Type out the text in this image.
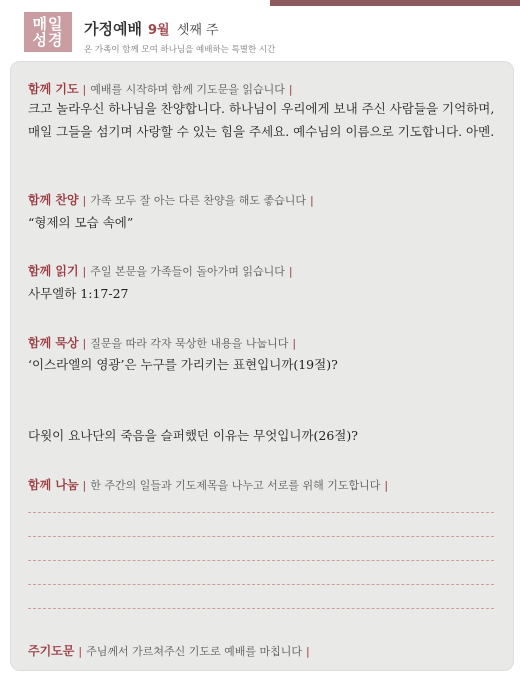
매일
성경
가정예배 9월 셋째 주
온 가족이 함께 모여 하나님을 예배하는 특별한 시간
함께 기도 | 예배를 시작하며 함께 기도문을 읽습니다 |
크고 놀라우신 하나님을 찬양합니다. 하나님이 우리에게 보내 주신 사람들을 기억하며, 매일 그들을 섬기며 사랑할 수 있는 힘을 주세요. 예수님의 이름으로 기도합니다. 아멘.
함께 찬양 | 가족 모두 잘 아는 다른 찬양을 해도 좋습니다 |
“형제의 모습 속에”
함께 읽기 | 주일 본문을 가족들이 돌아가며 읽습니다 |
사무엘하 1:17-27
함께 묵상 | 질문을 따라 각자 묵상한 내용을 나눕니다 |
‘이스라엘의 영광’은 누구를 가리키는 표현입니까(19절)?
다윗이 요나단의 죽음을 슬퍼했던 이유는 무엇입니까(26절)?
함께 나눔 | 한 주간의 일들과 기도제목을 나누고 서로를 위해 기도합니다 |
주기도문 | 주님께서 가르쳐주신 기도로 예배를 마칩니다 |
